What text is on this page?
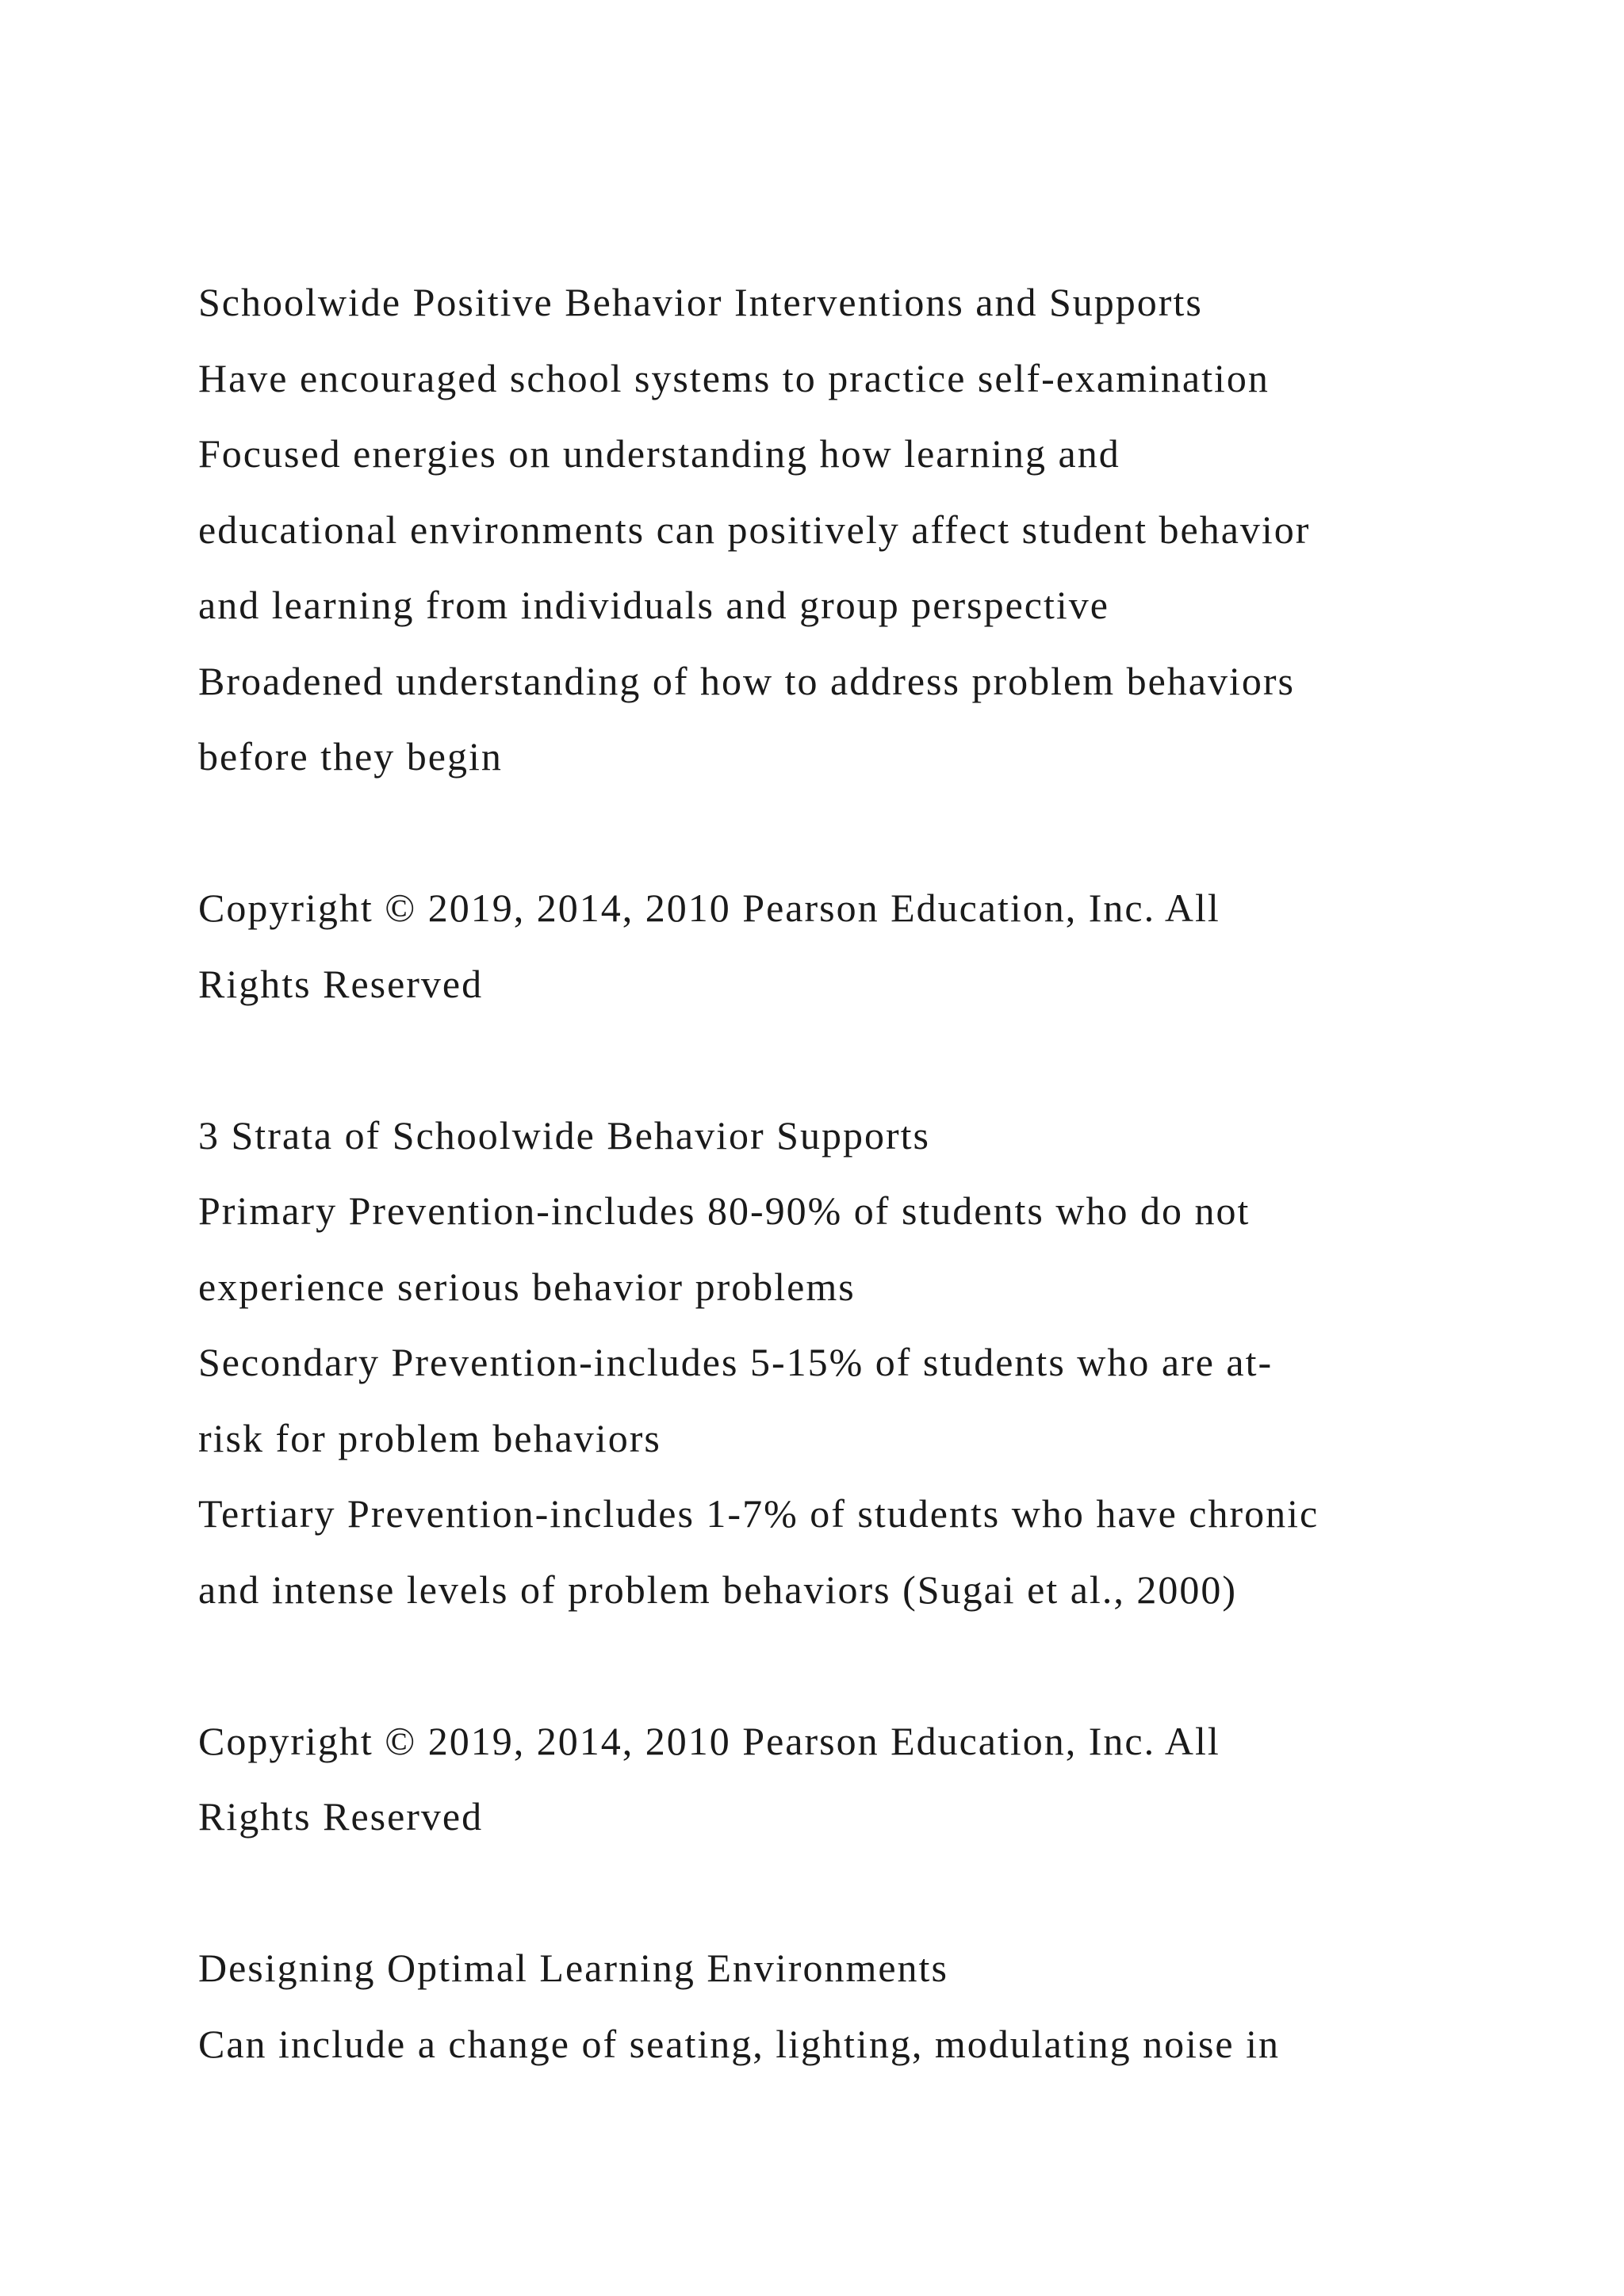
Schoolwide Positive Behavior Interventions and Supports
Have encouraged school systems to practice self-examination
Focused energies on understanding how learning and
educational environments can positively affect student behavior
and learning from individuals and group perspective
Broadened understanding of how to address problem behaviors
before they begin
Copyright © 2019, 2014, 2010 Pearson Education, Inc. All
Rights Reserved
3 Strata of Schoolwide Behavior Supports
Primary Prevention-includes 80-90% of students who do not
experience serious behavior problems
Secondary Prevention-includes 5-15% of students who are at-
risk for problem behaviors
Tertiary Prevention-includes 1-7% of students who have chronic
and intense levels of problem behaviors (Sugai et al., 2000)
Copyright © 2019, 2014, 2010 Pearson Education, Inc. All
Rights Reserved
Designing Optimal Learning Environments
Can include a change of seating, lighting, modulating noise in
